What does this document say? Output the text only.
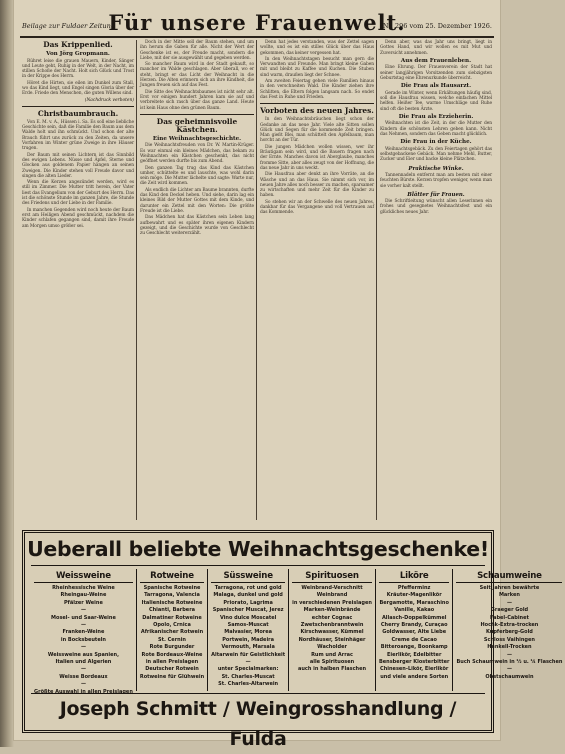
Beilage zur Fuldaer Zeitung
Für unsere Frauenwelt.
Nr. 296 vom 25. Dezember 1926.
Das Krippenlied.
Von Jörg Gropmann.

Rühret leise die grauen Mauern, Kinder, Sänger und Leute geht, Ruhig in der Welt, in der Nacht, im stillen Schoße der Nacht. Holt sich Glück und Trost in der Krippe des Herrn.

Höret die Hirten, sie eilen im Dunkel zum Stall, wo das Kind liegt, und Engel singen Gloria über der Erde. Friede den Menschen, die guten Willens sind.

(Nachdruck verboten)

Christbaumbrauch.

Von E. M. v. A., Hüssen i. Sa. Es soll eine liebliche Geschichte sein, daß die Familie den Baum aus dem Walde holt und ihn schmückt. Und schon der alte Brauch führt uns zurück zu den Zeiten, da unsere Vorfahren im Winter grüne Zweige in ihre Häuser trugen.

Der Baum mit seinen Lichtern ist das Sinnbild des ewigen Lebens. Nüsse und Äpfel, Sterne und Glocken aus goldenem Papier hängen an seinen Zweigen. Die Kinder stehen voll Freude davor und singen die alten Lieder.

Wenn die Kerzen angezündet werden, wird es still im Zimmer. Die Mutter tritt herein, der Vater liest das Evangelium von der Geburt des Herrn. Das ist die schönste Stunde im ganzen Jahre, die Stunde des Friedens und der Liebe in der Familie.

In manchen Gegenden wird noch heute der Baum erst am Heiligen Abend geschmückt, nachdem die Kinder schlafen gegangen sind, damit ihre Freude am Morgen umso größer sei.

Doch in der Mitte soll der Baum stehen, und um ihn herum die Gaben für alle. Nicht der Wert der Geschenke ist es, der Freude macht, sondern die Liebe, mit der sie ausgewählt und gegeben werden.

So mancher Baum wird in der Stadt gekauft, so mancher im Walde geschlagen. Aber überall, wo er steht, bringt er das Licht der Weihnacht in die Herzen. Die Alten erinnern sich an ihre Kindheit, die Jungen freuen sich auf das Fest.

Die Sitte des Weihnachtsbaumes ist nicht sehr alt. Erst vor einigen hundert Jahren kam sie auf und verbreitete sich rasch über das ganze Land. Heute ist kein Haus ohne den grünen Baum.

Das geheimnisvolle Kästchen.
Eine Weihnachtsgeschichte.

Die Weihnachtsfreuden von Dr. W. Martin-Krüger. Es war einmal ein kleines Mädchen, das bekam zu Weihnachten ein Kästchen geschenkt, das nicht geöffnet werden durfte bis zum Abend.

Den ganzen Tag trug das Kind das Kästchen umher, schüttelte es und lauschte, was wohl darin sein möge. Die Mutter lächelte und sagte: Warte nur, die Zeit wird kommen.

Als endlich die Lichter am Baume brannten, durfte das Kind den Deckel heben. Und siehe, darin lag ein kleines Bild der Mutter Gottes mit dem Kinde, und darunter ein Zettel mit den Worten: Die größte Freude ist die Liebe.

Das Mädchen hat das Kästchen sein Leben lang aufbewahrt und es später ihren eigenen Kindern gezeigt, und die Geschichte wurde von Geschlecht zu Geschlecht weitererzählt.

Denn hat jedes verstanden, was der Zettel sagen wollte, und es ist ein stilles Glück über das Haus gekommen, das keiner vergessen hat.

In den Weihnachtstagen besucht man gern die Verwandten und Freunde. Man bringt kleine Gaben mit und bleibt zu Kaffee und Kuchen. Die Stuben sind warm, draußen liegt der Schnee.

Am zweiten Feiertag gehen viele Familien hinaus in den verschneiten Wald. Die Kinder ziehen ihre Schlitten, die Eltern folgen langsam nach. So endet das Fest in Ruhe und Frieden.

Vorboten des neuen Jahres.

In den Weihnachtsbräuchen liegt schon der Gedanke an das neue Jahr. Viele alte Sitten sollen Glück und Segen für die kommende Zeit bringen. Man gießt Blei, man schüttelt den Apfelbaum, man horcht an der Tür.

Die jungen Mädchen wollen wissen, wer ihr Bräutigam sein wird, und die Bauern fragen nach der Ernte. Manches davon ist Aberglaube, manches fromme Sitte, aber alles zeugt von der Hoffnung, die das neue Jahr in uns weckt.

Die Hausfrau aber denkt an ihre Vorräte, an die Wäsche und an das Haus. Sie nimmt sich vor, im neuen Jahre alles noch besser zu machen, sparsamer zu wirtschaften und mehr Zeit für die Kinder zu haben.

So stehen wir an der Schwelle des neuen Jahres, dankbar für das Vergangene und voll Vertrauen auf das Kommende.

Denn aber, was das Jahr uns bringt, liegt in Gottes Hand, und wir wollen es mit Mut und Zuversicht annehmen.

Aus dem Frauenleben.

Eine Ehrung. Der Frauenverein der Stadt hat seiner langjährigen Vorsitzenden zum siebzigsten Geburtstag eine Ehrenurkunde überreicht.

Die Frau als Hausarzt.

Gerade im Winter, wenn Erkältungen häufig sind, soll die Hausfrau wissen, welche einfachen Mittel helfen. Heißer Tee, warme Umschläge und Ruhe sind oft die besten Ärzte.

Die Frau als Erzieherin.

Weihnachten ist die Zeit, in der die Mutter den Kindern die schönsten Lehren geben kann. Nicht das Nehmen, sondern das Geben macht glücklich.

Die Frau in der Küche.

Weihnachtsgebäck. Zu den Feiertagen gehört das selbstgebackene Gebäck. Man nehme Mehl, Butter, Zucker und Eier und backe kleine Plätzchen.

Praktische Winke.

Tannennadeln entfernt man am besten mit einer feuchten Bürste. Kerzen tropfen weniger, wenn man sie vorher kalt stellt.

Blätter für Frauen.

Die Schriftleitung wünscht allen Leserinnen ein frohes und gesegnetes Weihnachtsfest und ein glückliches neues Jahr.

Ueberall beliebte Weihnachtsgeschenke!
Weissweine
Rheinhessische Weine
Rheingau-Weine
Pfälzer Weine
—
Mosel- und Saar-Weine
—
Franken-Weine
in Bocksbeuteln
—
Weissweine aus Spanien,
Italien und Algerien
—
Weisse Bordeaux
—
Größte Auswahl in allen Preislagen
Rotweine
Spanische Rotweine
Tarragona, Valencia
Italienische Rotweine
Chianti, Barbera
Dalmatiner Rotweine
Opolo, Crnica
Afrikanischer Rotwein
St. Cernin
Rote Burgunder
Rote Bordeaux-Weine
in allen Preislagen
Deutscher Rotwein
Rotweine für Glühwein
Süssweine
Tarragona, rot und gold
Malaga, dunkel und gold
Priorato, Lagrima
Spanischer Muscat, Jerez
Vino dulce Moscatel
Samos-Muscat
Malvasier, Morea
Portwein, Madeira
Vermouth, Marsala
Altarwein für Geistlichkeit
—
unter Specialmarken:
St. Charles-Muscat
St. Charles-Altarwein
Spirituosen
Weinbrand-Verschnitt
Weinbrand
in verschiedenen Preislagen
Marken-Weinbrände
echter Cognac
Zwetschenbranntwein
Kirschwasser, Kümmel
Nordhäuser, Steinhäger
Wacholder
Rum und Arrac
alle Spirituosen
auch in halben Flaschen
Liköre
Pfefferminz
Kräuter-Magenlikör
Bergamotte, Maraschino
Vanille, Kakao
Allasch-Doppelkümmel
Cherry Brandy, Curaçao
Goldwasser, Alte Liebe
Creme de Cacao
Bitteroange, Boonkamp
Eierlikör, Edelbitter
Bensberger Klosterbitter
Chinesen-Likör, Eierlikör
und viele andere Sorten
Schaumweine
Seit Jahren bewährte
Marken
—
Graeger Gold
Fabel-Cabinet
Hochk-Extra-trocken
Kupferberg-Gold
Schloss Vaihingen
Henkell-Trocken
—
Buch Schaumwein in ½ u. ¼ Flaschen
—
Obstschaumwein
Joseph Schmitt / Weingrosshandlung / Fulda
